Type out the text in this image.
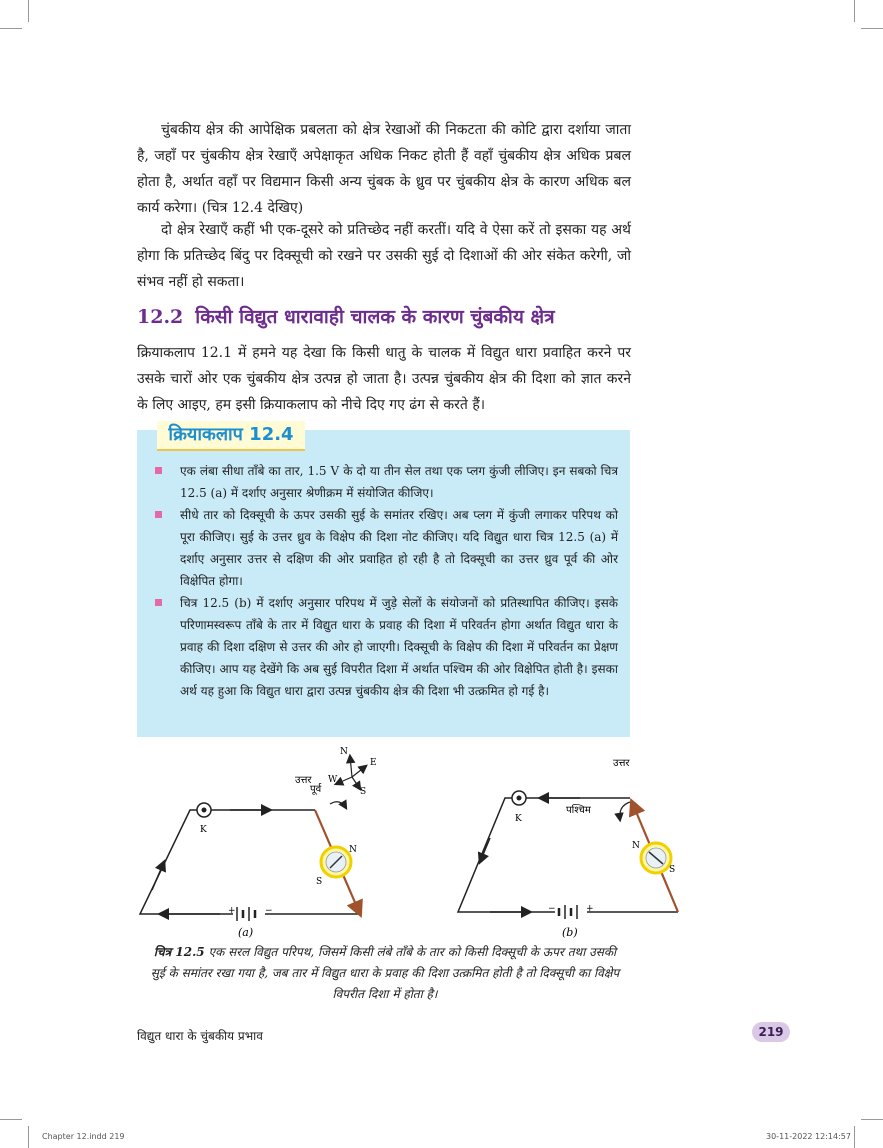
चुंबकीय क्षेत्र की आपेक्षिक प्रबलता को क्षेत्र रेखाओं की निकटता की कोटि द्वारा दर्शाया जाता है, जहाँ पर चुंबकीय क्षेत्र रेखाएँ अपेक्षाकृत अधिक निकट होती हैं वहाँ चुंबकीय क्षेत्र अधिक प्रबल होता है, अर्थात वहाँ पर विद्यमान किसी अन्य चुंबक के ध्रुव पर चुंबकीय क्षेत्र के कारण अधिक बल कार्य करेगा। (चित्र 12.4 देखिए)

दो क्षेत्र रेखाएँ कहीं भी एक-दूसरे को प्रतिच्छेद नहीं करतीं। यदि वे ऐसा करें तो इसका यह अर्थ होगा कि प्रतिच्छेद बिंदु पर दिक्सूची को रखने पर उसकी सुई दो दिशाओं की ओर संकेत करेगी, जो संभव नहीं हो सकता।

12.2 किसी विद्युत धारावाही चालक के कारण चुंबकीय क्षेत्र

क्रियाकलाप 12.1 में हमने यह देखा कि किसी धातु के चालक में विद्युत धारा प्रवाहित करने पर उसके चारों ओर एक चुंबकीय क्षेत्र उत्पन्न हो जाता है। उत्पन्न चुंबकीय क्षेत्र की दिशा को ज्ञात करने के लिए आइए, हम इसी क्रियाकलाप को नीचे दिए गए ढंग से करते हैं।

क्रियाकलाप 12.4
एक लंबा सीधा ताँबे का तार, 1.5 V के दो या तीन सेल तथा एक प्लग कुंजी लीजिए। इन सबको चित्र 12.5 (a) में दर्शाए अनुसार श्रेणीक्रम में संयोजित कीजिए।
सीधे तार को दिक्सूची के ऊपर उसकी सुई के समांतर रखिए। अब प्लग में कुंजी लगाकर परिपथ को पूरा कीजिए। सुई के उत्तर ध्रुव के विक्षेप की दिशा नोट कीजिए। यदि विद्युत धारा चित्र 12.5 (a) में दर्शाए अनुसार उत्तर से दक्षिण की ओर प्रवाहित हो रही है तो दिक्सूची का उत्तर ध्रुव पूर्व की ओर विक्षेपित होगा।
चित्र 12.5 (b) में दर्शाए अनुसार परिपथ में जुड़े सेलों के संयोजनों को प्रतिस्थापित कीजिए। इसके परिणामस्वरूप ताँबे के तार में विद्युत धारा के प्रवाह की दिशा में परिवर्तन होगा अर्थात विद्युत धारा के प्रवाह की दिशा दक्षिण से उत्तर की ओर हो जाएगी। दिक्सूची के विक्षेप की दिशा में परिवर्तन का प्रेक्षण कीजिए। आप यह देखेंगे कि अब सुई विपरीत दिशा में अर्थात पश्चिम की ओर विक्षेपित होती है। इसका अर्थ यह हुआ कि विद्युत धारा द्वारा उत्पन्न चुंबकीय क्षेत्र की दिशा भी उत्क्रमित हो गई है।
K
+	−
N
S
N
E
S
W
पूर्व
उत्तर
(a)
K
−	+
N
S
उत्तर
पश्चिम
(b)
चित्र 12.5 एक सरल विद्युत परिपथ, जिसमें किसी लंबे ताँबे के तार को किसी दिक्सूची के ऊपर तथा उसकी सुई के समांतर रखा गया है, जब तार में विद्युत धारा के प्रवाह की दिशा उत्क्रमित होती है तो दिक्सूची का विक्षेप विपरीत दिशा में होता है।
विद्युत धारा के चुंबकीय प्रभाव	219
Chapter 12.indd 219	30-11-2022 12:14:57
